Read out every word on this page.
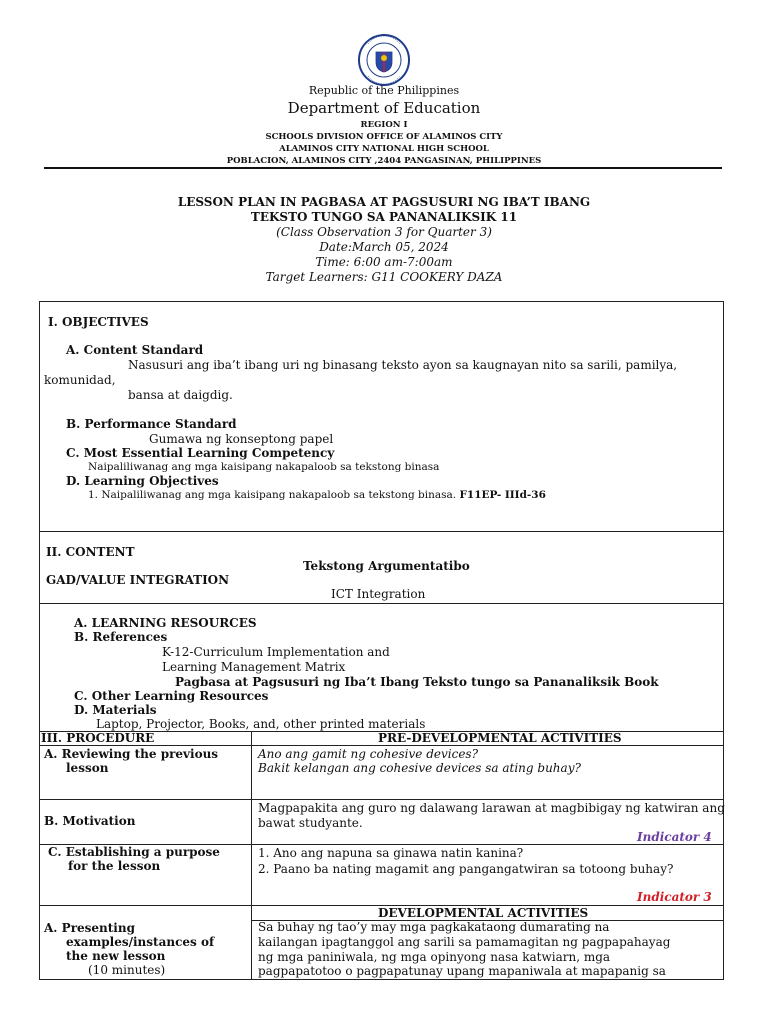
Republic of the Philippines
Department of Education
REGION I
SCHOOLS DIVISION OFFICE OF ALAMINOS CITY
ALAMINOS CITY NATIONAL HIGH SCHOOL
POBLACION, ALAMINOS CITY ,2404 PANGASINAN, PHILIPPINES
LESSON PLAN IN PAGBASA AT PAGSUSURI NG IBA’T IBANG
TEKSTO TUNGO SA PANANALIKSIK 11
(Class Observation 3 for Quarter 3)
Date:March 05, 2024
Time: 6:00 am-7:00am
Target Learners: G11 COOKERY DAZA
I. OBJECTIVES
A. Content Standard
Nasusuri ang iba’t ibang uri ng binasang teksto ayon sa kaugnayan nito sa sarili, pamilya,
komunidad,
bansa at daigdig.
B. Performance Standard
Gumawa ng konseptong papel
C. Most Essential Learning Competency
Naipaliliwanag ang mga kaisipang nakapaloob sa tekstong binasa
D. Learning Objectives
1. Naipaliliwanag ang mga kaisipang nakapaloob sa tekstong binasa. F11EP- IIId-36
II. CONTENT
Tekstong Argumentatibo
GAD/VALUE INTEGRATION
ICT Integration
A. LEARNING RESOURCES
B. References
K-12-Curriculum Implementation and
Learning Management Matrix
Pagbasa at Pagsusuri ng Iba’t Ibang Teksto tungo sa Pananaliksik Book
C. Other Learning Resources
D. Materials
Laptop, Projector, Books, and, other printed materials
III. PROCEDURE	PRE-DEVELOPMENTAL ACTIVITIES
A. Reviewing the previous
lesson
Ano ang gamit ng cohesive devices?
Bakit kelangan ang cohesive devices sa ating buhay?
B. Motivation
Magpapakita ang guro ng dalawang larawan at magbibigay ng katwiran ang
bawat studyante.
Indicator 4
C. Establishing a purpose
for the lesson
1. Ano ang napuna sa ginawa natin kanina?
2. Paano ba nating magamit ang pangangatwiran sa totoong buhay?
Indicator 3
DEVELOPMENTAL ACTIVITIES
A. Presenting
examples/instances of
the new lesson
(10 minutes)
Sa buhay ng tao’y may mga pagkakataong dumarating na
kailangan ipagtanggol ang sarili sa pamamagitan ng pagpapahayag
ng mga paniniwala, ng mga opinyong nasa katwiarn, mga
pagpapatotoo o pagpapatunay upang mapaniwala at mapapanig sa
